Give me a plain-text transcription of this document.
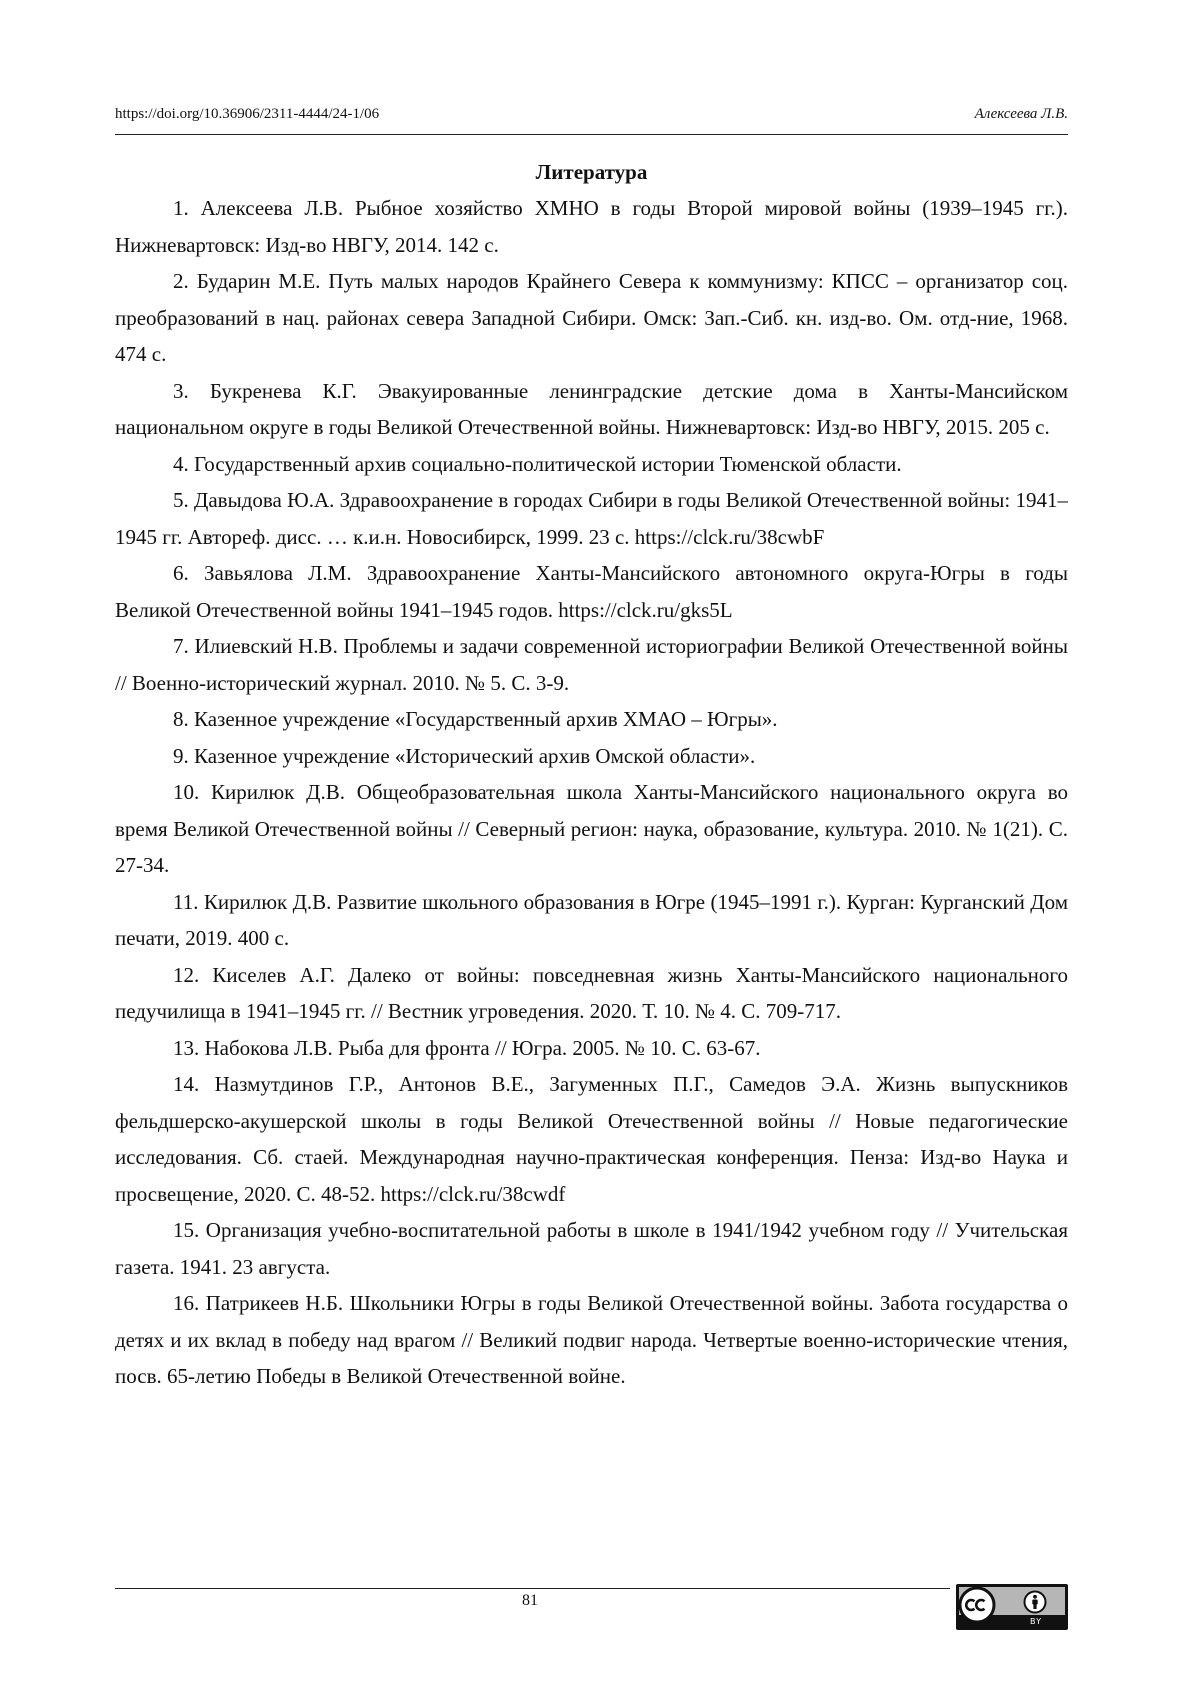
https://doi.org/10.36906/2311-4444/24-1/06	Алексеева Л.В.

Литература

1. Алексеева Л.В. Рыбное хозяйство ХМНО в годы Второй мировой войны (1939–1945 гг.). Нижневартовск: Изд-во НВГУ, 2014. 142 с.

2. Бударин М.Е. Путь малых народов Крайнего Севера к коммунизму: КПСС – организатор соц. преобразований в нац. районах севера Западной Сибири. Омск: Зап.-Сиб. кн. изд-во. Ом. отд-ние, 1968. 474 с.

3. Букренева К.Г. Эвакуированные ленинградские детские дома в Ханты-Мансийском национальном округе в годы Великой Отечественной войны. Нижневартовск: Изд-во НВГУ, 2015. 205 с.

4. Государственный архив социально-политической истории Тюменской области.

5. Давыдова Ю.А. Здравоохранение в городах Сибири в годы Великой Отечественной войны: 1941–1945 гг. Автореф. дисс. … к.и.н. Новосибирск, 1999. 23 с. https://clck.ru/38cwbF

6. Завьялова Л.М. Здравоохранение Ханты-Мансийского автономного округа-Югры в годы Великой Отечественной войны 1941–1945 годов. https://clck.ru/gks5L

7. Илиевский Н.В. Проблемы и задачи современной историографии Великой Отечественной войны // Военно-исторический журнал. 2010. № 5. С. 3-9.

8. Казенное учреждение «Государственный архив ХМАО – Югры».

9. Казенное учреждение «Исторический архив Омской области».

10. Кирилюк Д.В. Общеобразовательная школа Ханты-Мансийского национального округа во время Великой Отечественной войны // Северный регион: наука, образование, культура. 2010. № 1(21). С. 27-34.

11. Кирилюк Д.В. Развитие школьного образования в Югре (1945–1991 г.). Курган: Курганский Дом печати, 2019. 400 с.

12. Киселев А.Г. Далеко от войны: повседневная жизнь Ханты-Мансийского национального педучилища в 1941–1945 гг. // Вестник угроведения. 2020. Т. 10. № 4. С. 709-717.

13. Набокова Л.В. Рыба для фронта // Югра. 2005. № 10. С. 63-67.

14. Назмутдинов Г.Р., Антонов В.Е., Загуменных П.Г., Самедов Э.А. Жизнь выпускников фельдшерско-акушерской школы в годы Великой Отечественной войны // Новые педагогические исследования. Сб. стаей. Международная научно-практическая конференция. Пенза: Изд-во Наука и просвещение, 2020. С. 48-52. https://clck.ru/38cwdf

15. Организация учебно-воспитательной работы в школе в 1941/1942 учебном году // Учительская газета. 1941. 23 августа.

16. Патрикеев Н.Б. Школьники Югры в годы Великой Отечественной войны. Забота государства о детях и их вклад в победу над врагом // Великий подвиг народа. Четвертые военно-исторические чтения, посв. 65-летию Победы в Великой Отечественной войне.

81
BY
